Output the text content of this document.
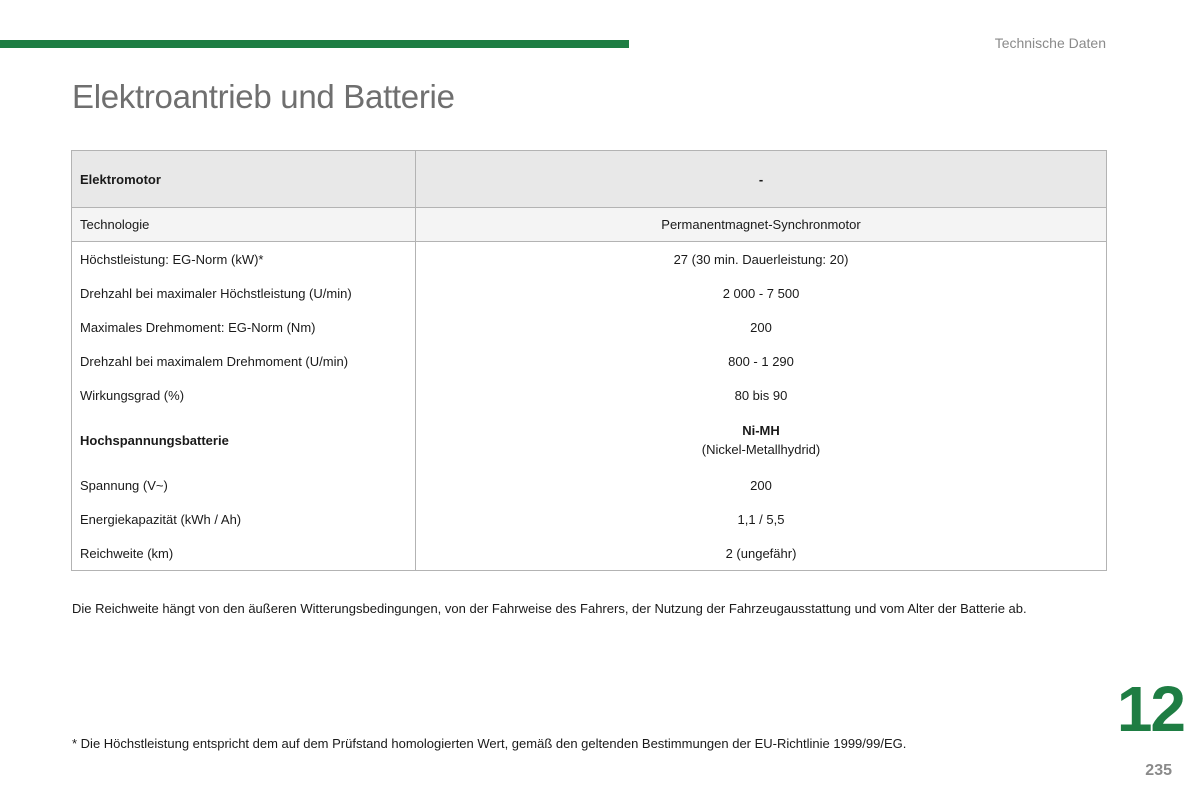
Technische Daten
Elektroantrieb und Batterie
Elektromotor	-
Technologie	Permanentmagnet-Synchronmotor
Höchstleistung: EG-Norm (kW)*	27 (30 min. Dauerleistung: 20)
Drehzahl bei maximaler Höchstleistung (U/min)	2 000 - 7 500
Maximales Drehmoment: EG-Norm (Nm)	200
Drehzahl bei maximalem Drehmoment (U/min)	800 - 1 290
Wirkungsgrad (%)	80 bis 90
Hochspannungsbatterie	Ni-MH
(Nickel-Metallhydrid)

Spannung (V~)	200
Energiekapazität (kWh / Ah)	1,1 / 5,5
Reichweite (km)	2 (ungefähr)

Die Reichweite hängt von den äußeren Witterungsbedingungen, von der Fahrweise des Fahrers, der Nutzung der Fahrzeugausstattung und vom Alter der Batterie ab.

* Die Höchstleistung entspricht dem auf dem Prüfstand homologierten Wert, gemäß den geltenden Bestimmungen der EU-Richtlinie 1999/99/EG.	12
235
